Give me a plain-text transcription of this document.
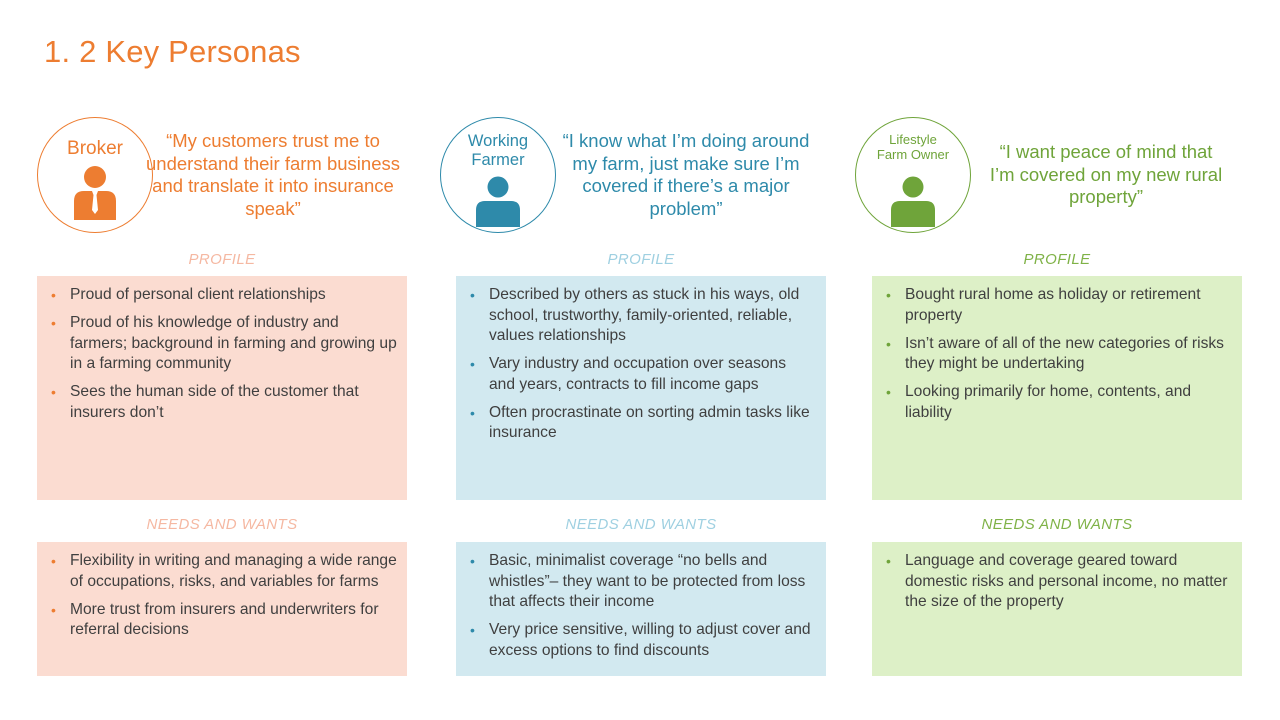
1. 2 Key Personas
Broker	“My customers trust me to understand their farm business and translate it into insurance speak”
PROFILE
• Proud of personal client relationships
• Proud of his knowledge of industry and farmers; background in farming and growing up in a farming community
• Sees the human side of the customer that insurers don’t
NEEDS AND WANTS
• Flexibility in writing and managing a wide range of occupations, risks, and variables for farms
• More trust from insurers and underwriters for referral decisions
Working
Farmer
“I know what I’m doing around my farm, just make sure I’m covered if there’s a major problem”
PROFILE
• Described by others as stuck in his ways, old school, trustworthy, family-oriented, reliable, values relationships
• Vary industry and occupation over seasons and years, contracts to fill income gaps
• Often procrastinate on sorting admin tasks like insurance
NEEDS AND WANTS
• Basic, minimalist coverage “no bells and whistles”– they want to be protected from loss that affects their income
• Very price sensitive, willing to adjust cover and excess options to find discounts
Lifestyle
Farm Owner	“I want peace of mind that I’m covered on my new rural property”
PROFILE
• Bought rural home as holiday or retirement property
• Isn’t aware of all of the new categories of risks they might be undertaking
• Looking primarily for home, contents, and liability
NEEDS AND WANTS
• Language and coverage geared toward domestic risks and personal income, no matter the size of the property
